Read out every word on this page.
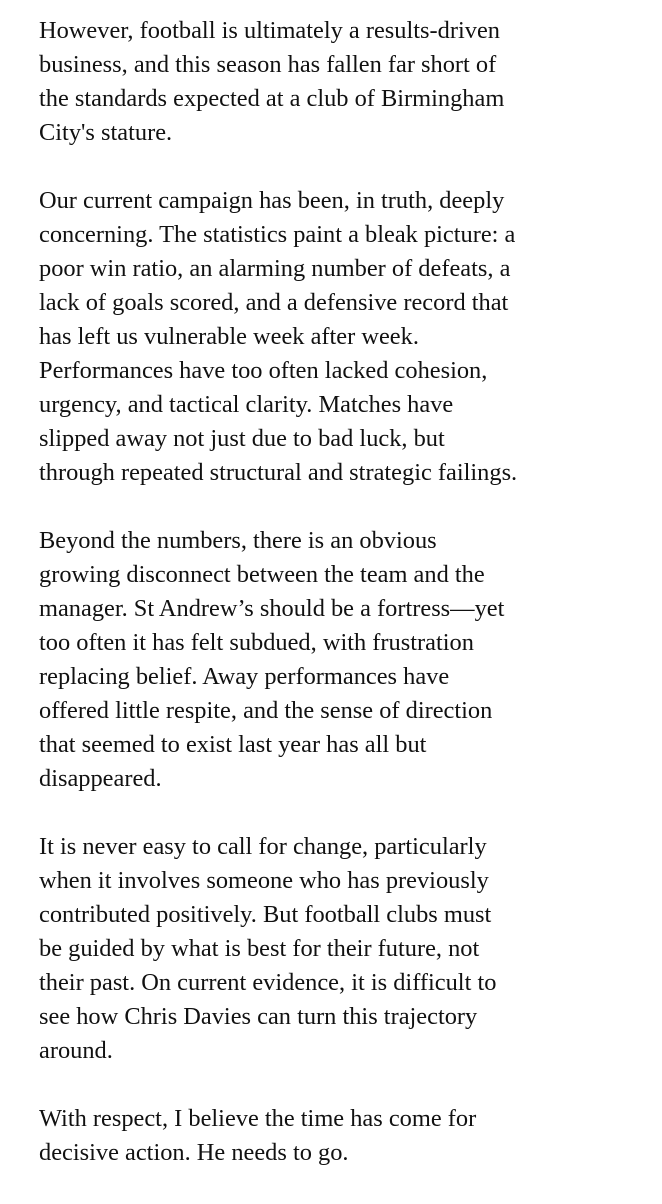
However, football is ultimately a results-driven
business, and this season has fallen far short of
the standards expected at a club of Birmingham
City's stature.

Our current campaign has been, in truth, deeply
concerning. The statistics paint a bleak picture: a
poor win ratio, an alarming number of defeats, a
lack of goals scored, and a defensive record that
has left us vulnerable week after week.
Performances have too often lacked cohesion,
urgency, and tactical clarity. Matches have
slipped away not just due to bad luck, but
through repeated structural and strategic failings.

Beyond the numbers, there is an obvious
growing disconnect between the team and the
manager. St Andrew’s should be a fortress—yet
too often it has felt subdued, with frustration
replacing belief. Away performances have
offered little respite, and the sense of direction
that seemed to exist last year has all but
disappeared.

It is never easy to call for change, particularly
when it involves someone who has previously
contributed positively. But football clubs must
be guided by what is best for their future, not
their past. On current evidence, it is difficult to
see how Chris Davies can turn this trajectory
around.

With respect, I believe the time has come for
decisive action. He needs to go.
